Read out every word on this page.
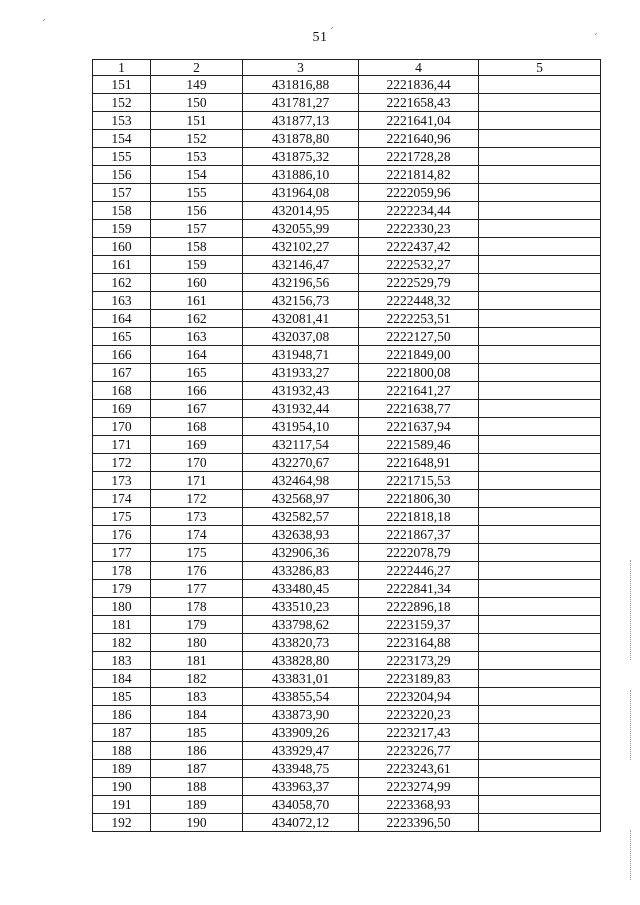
´
´	´
51
1	2	3	4	5
151	149	431816,88	2221836,44	
152	150	431781,27	2221658,43	
153	151	431877,13	2221641,04	
154	152	431878,80	2221640,96	
155	153	431875,32	2221728,28	
156	154	431886,10	2221814,82	
157	155	431964,08	2222059,96	
158	156	432014,95	2222234,44	
159	157	432055,99	2222330,23	
160	158	432102,27	2222437,42	
161	159	432146,47	2222532,27	
162	160	432196,56	2222529,79	
163	161	432156,73	2222448,32	
164	162	432081,41	2222253,51	
165	163	432037,08	2222127,50	
166	164	431948,71	2221849,00	
167	165	431933,27	2221800,08	
168	166	431932,43	2221641,27	
169	167	431932,44	2221638,77	
170	168	431954,10	2221637,94	
171	169	432117,54	2221589,46	
172	170	432270,67	2221648,91	
173	171	432464,98	2221715,53	
174	172	432568,97	2221806,30	
175	173	432582,57	2221818,18	
176	174	432638,93	2221867,37	
177	175	432906,36	2222078,79	
178	176	433286,83	2222446,27	
179	177	433480,45	2222841,34	
180	178	433510,23	2222896,18	
181	179	433798,62	2223159,37	
182	180	433820,73	2223164,88	
183	181	433828,80	2223173,29	
184	182	433831,01	2223189,83	
185	183	433855,54	2223204,94	
186	184	433873,90	2223220,23	
187	185	433909,26	2223217,43	
188	186	433929,47	2223226,77	
189	187	433948,75	2223243,61	
190	188	433963,37	2223274,99	
191	189	434058,70	2223368,93	
192	190	434072,12	2223396,50	
